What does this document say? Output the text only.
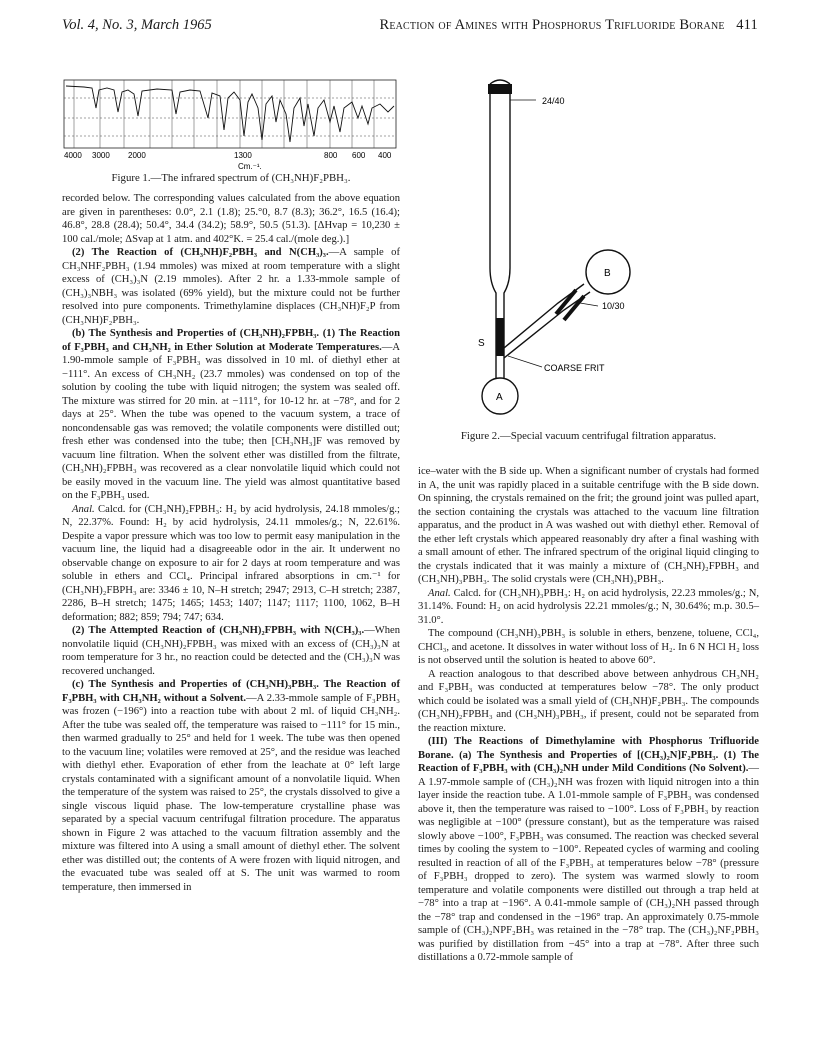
Vol. 4, No. 3, March 1965	Reaction of Amines with Phosphorus Trifluoride Borane 411
4000 3000 2000	1300	800 600 400
Cm.⁻¹.
Figure 1.—The infrared spectrum of (CH₃NH)F₂PBH₃.
24/40
10/30
B
A
S
COARSE FRIT
Figure 2.—Special vacuum centrifugal filtration apparatus.

recorded below. The corresponding values calculated from the above equation are given in parentheses: 0.0°, 2.1 (1.8); 25.°0, 8.7 (8.3); 36.2°, 16.5 (16.4); 46.8°, 28.8 (28.4); 50.4°, 34.4 (34.2); 58.9°, 50.5 (51.3). [ΔHvap = 10,230 ± 100 cal./mole; ΔSvap at 1 atm. and 402°K. = 25.4 cal./(mole deg.).]

(2) The Reaction of (CH₃NH)F₂PBH₃ and N(CH₃)₃.—A sample of CH₃NHF₂PBH₃ (1.94 mmoles) was mixed at room temperature with a slight excess of (CH₃)₃N (2.19 mmoles). After 2 hr. a 1.33-mmole sample of (CH₃)₃NBH₃ was isolated (69% yield), but the mixture could not be further resolved into pure components. Trimethylamine displaces (CH₃NH)F₂P from (CH₃NH)F₂PBH₃.

(b) The Synthesis and Properties of (CH₃NH)₂FPBH₃. (1) The Reaction of F₃PBH₃ and CH₃NH₂ in Ether Solution at Moderate Temperatures.—A 1.90-mmole sample of F₃PBH₃ was dissolved in 10 ml. of diethyl ether at −111°. An excess of CH₃NH₂ (23.7 mmoles) was condensed on top of the solution by cooling the tube with liquid nitrogen; the system was sealed off. The mixture was stirred for 20 min. at −111°, for 10-12 hr. at −78°, and for 2 days at 25°. When the tube was opened to the vacuum system, a trace of noncondensable gas was removed; the volatile components were distilled out; fresh ether was condensed into the tube; then [CH₃NH₃]F was removed by vacuum line filtration. When the solvent ether was distilled from the filtrate, (CH₃NH)₂FPBH₃ was recovered as a clear nonvolatile liquid which could not be easily moved in the vacuum line. The yield was almost quantitative based on the F₃PBH₃ used.

Anal. Calcd. for (CH₃NH)₂FPBH₃: H₂ by acid hydrolysis, 24.18 mmoles/g.; N, 22.37%. Found: H₂ by acid hydrolysis, 24.11 mmoles/g.; N, 22.61%. Despite a vapor pressure which was too low to permit easy manipulation in the vacuum line, the liquid had a disagreeable odor in the air. It underwent no observable change on exposure to air for 2 days at room temperature and was soluble in ethers and CCl₄. Principal infrared absorptions in cm.⁻¹ for (CH₃NH)₂FBPH₃ are: 3346 ± 10, N–H stretch; 2947; 2913, C–H stretch; 2387, 2286, B–H stretch; 1475; 1465; 1453; 1407; 1147; 1117; 1100, 1062, B–H deformation; 882; 859; 794; 747; 634.

(2) The Attempted Reaction of (CH₃NH)₂FPBH₃ with N(CH₃)₃.—When nonvolatile liquid (CH₃NH)₂FPBH₃ was mixed with an excess of (CH₃)₃N at room temperature for 3 hr., no reaction could be detected and the (CH₃)₃N was recovered unchanged.

(c) The Synthesis and Properties of (CH₃NH)₃PBH₃. The Reaction of F₃PBH₃ with CH₃NH₂ without a Solvent.—A 2.33-mmole sample of F₃PBH₃ was frozen (−196°) into a reaction tube with about 2 ml. of liquid CH₃NH₂. After the tube was sealed off, the temperature was raised to −111° for 15 min., then warmed gradually to 25° and held for 1 week. The tube was then opened to the vacuum line; volatiles were removed at 25°, and the residue was leached with diethyl ether. Evaporation of ether from the leachate at 0° left large crystals contaminated with a significant amount of a nonvolatile liquid. When the temperature of the system was raised to 25°, the crystals dissolved to give a single viscous liquid phase. The low-temperature crystalline phase was separated by a special vacuum centrifugal filtration procedure. The apparatus shown in Figure 2 was attached to the vacuum filtration assembly and the mixture was filtered into A using a small amount of diethyl ether. The solvent ether was distilled out; the contents of A were frozen with liquid nitrogen, and the evacuated tube was sealed off at S. The unit was warmed to room temperature, then immersed in

ice–water with the B side up. When a significant number of crystals had formed in A, the unit was rapidly placed in a suitable centrifuge with the B side down. On spinning, the crystals remained on the frit; the ground joint was pulled apart, the section containing the crystals was attached to the vacuum line filtration apparatus, and the product in A was washed out with diethyl ether. Removal of the ether left crystals which appeared reasonably dry after a final washing with a small amount of ether. The infrared spectrum of the original liquid clinging to the crystals indicated that it was mainly a mixture of (CH₃NH)₂FPBH₃ and (CH₃NH)₃PBH₃. The solid crystals were (CH₃NH)₃PBH₃.

Anal. Calcd. for (CH₃NH)₃PBH₃: H₂ on acid hydrolysis, 22.23 mmoles/g.; N, 31.14%. Found: H₂ on acid hydrolysis 22.21 mmoles/g.; N, 30.64%; m.p. 30.5–31.0°.

The compound (CH₃NH)₃PBH₃ is soluble in ethers, benzene, toluene, CCl₄, CHCl₃, and acetone. It dissolves in water without loss of H₂. In 6 N HCl H₂ loss is not observed until the solution is heated to above 60°.

A reaction analogous to that described above between anhydrous CH₃NH₂ and F₃PBH₃ was conducted at temperatures below −78°. The only product which could be isolated was a small yield of (CH₃NH)F₂PBH₃. The compounds (CH₃NH)₂FPBH₃ and (CH₃NH)₃PBH₃, if present, could not be separated from the reaction mixture.

(III) The Reactions of Dimethylamine with Phosphorus Trifluoride Borane. (a) The Synthesis and Properties of [(CH₃)₂N]F₂PBH₃. (1) The Reaction of F₃PBH₃ with (CH₃)₂NH under Mild Conditions (No Solvent).—A 1.97-mmole sample of (CH₃)₂NH was frozen with liquid nitrogen into a thin layer inside the reaction tube. A 1.01-mmole sample of F₃PBH₃ was condensed above it, then the temperature was raised to −100°. Loss of F₃PBH₃ by reaction was negligible at −100° (pressure constant), but as the temperature was raised slowly above −100°, F₃PBH₃ was consumed. The reaction was checked several times by cooling the system to −100°. Repeated cycles of warming and cooling resulted in reaction of all of the F₃PBH₃ at temperatures below −78° (pressure of F₃PBH₃ dropped to zero). The system was warmed slowly to room temperature and volatile components were distilled out through a trap held at −78° into a trap at −196°. A 0.41-mmole sample of (CH₃)₂NH passed through the −78° trap and condensed in the −196° trap. An approximately 0.75-mmole sample of (CH₃)₂NPF₂BH₃ was retained in the −78° trap. The (CH₃)₂NF₂PBH₃ was purified by distillation from −45° into a trap at −78°. After three such distillations a 0.72-mmole sample of
